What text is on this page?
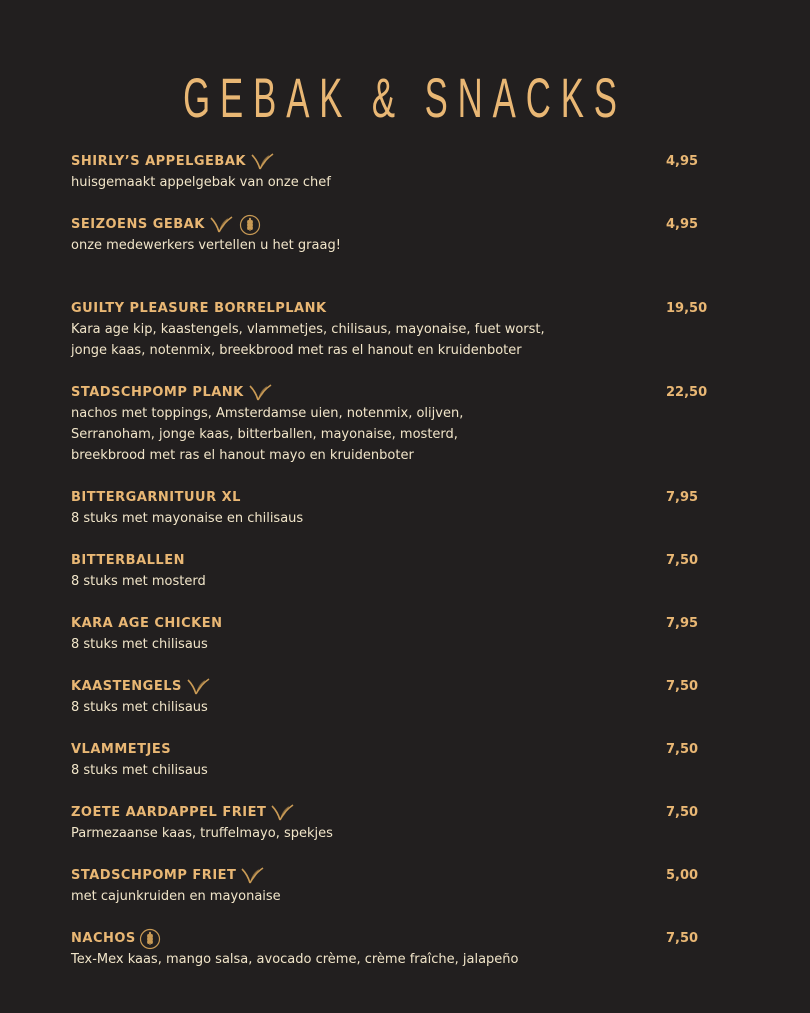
GEBAK & SNACKS
SHIRLY’S APPELGEBAK	4,95
huisgemaakt appelgebak van onze chef
SEIZOENS GEBAK	4,95
onze medewerkers vertellen u het graag!
GUILTY PLEASURE BORRELPLANK	19,50
Kara age kip, kaastengels, vlammetjes, chilisaus, mayonaise, fuet worst,
jonge kaas, notenmix, breekbrood met ras el hanout en kruidenboter
STADSCHPOMP PLANK	22,50
nachos met toppings, Amsterdamse uien, notenmix, olijven,
Serranoham, jonge kaas, bitterballen, mayonaise, mosterd,
breekbrood met ras el hanout mayo en kruidenboter
BITTERGARNITUUR XL	7,95
8 stuks met mayonaise en chilisaus
BITTERBALLEN	7,50
8 stuks met mosterd
KARA AGE CHICKEN	7,95
8 stuks met chilisaus
KAASTENGELS	7,50
8 stuks met chilisaus
VLAMMETJES	7,50
8 stuks met chilisaus
ZOETE AARDAPPEL FRIET	7,50
Parmezaanse kaas, truffelmayo, spekjes
STADSCHPOMP FRIET	5,00
met cajunkruiden en mayonaise
NACHOS	7,50
Tex-Mex kaas, mango salsa, avocado crème, crème fraîche, jalapeño
